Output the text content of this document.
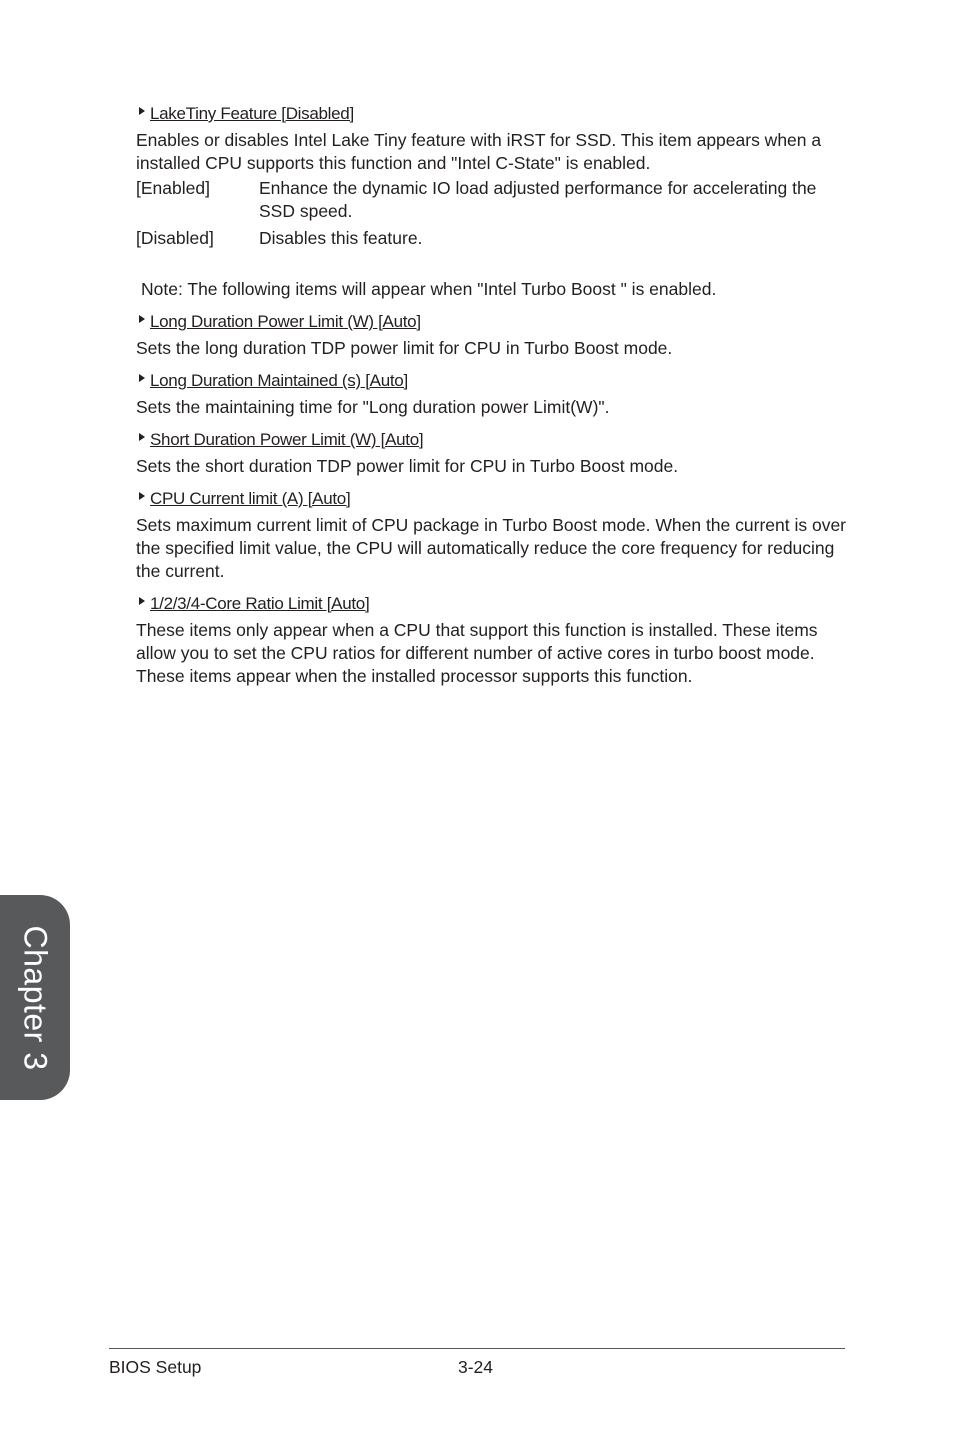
LakeTiny Feature [Disabled]

Enables or disables Intel Lake Tiny feature with iRST for SSD. This item appears when a installed CPU supports this function and "Intel C-State" is enabled.

[Enabled]	Enhance the dynamic IO load adjusted performance for accelerating the SSD speed.
[Disabled]	Disables this feature.

Note: The following items will appear when "Intel Turbo Boost " is enabled.

Long Duration Power Limit (W) [Auto]

Sets the long duration TDP power limit for CPU in Turbo Boost mode.

Long Duration Maintained (s) [Auto]

Sets the maintaining time for "Long duration power Limit(W)".

Short Duration Power Limit (W) [Auto]

Sets the short duration TDP power limit for CPU in Turbo Boost mode.

CPU Current limit (A) [Auto]

Sets maximum current limit of CPU package in Turbo Boost mode. When the current is over the specified limit value, the CPU will automatically reduce the core frequency for reducing the current.

1/2/3/4-Core Ratio Limit [Auto]

These items only appear when a CPU that support this function is installed. These items allow you to set the CPU ratios for different number of active cores in turbo boost mode. These items appear when the installed processor supports this function.

Chapter 3
BIOS Setup	3-24
